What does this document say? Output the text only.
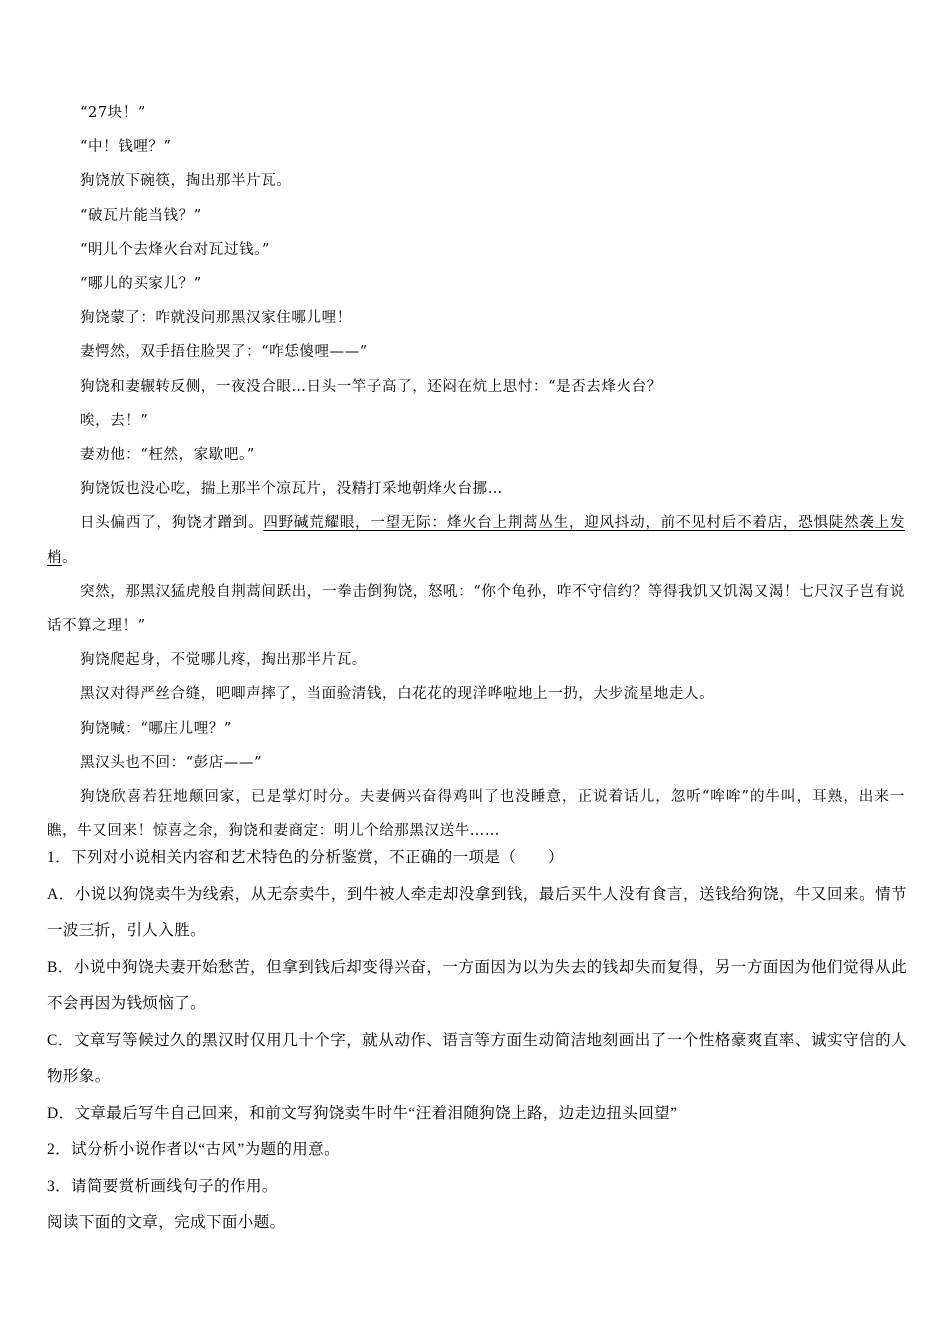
“27块！”

“中！钱哩？”

狗饶放下碗筷，掏出那半片瓦。

“破瓦片能当钱？”

“明儿个去烽火台对瓦过钱。”

“哪儿的买家儿？”

狗饶蒙了：咋就没问那黑汉家住哪儿哩！

妻愕然，双手捂住脸哭了：“咋恁傻哩——”

狗饶和妻辗转反侧，一夜没合眼…日头一竿子高了，还闷在炕上思忖：“是否去烽火台？

唉，去！”

妻劝他：“枉然，家歇吧。”

狗饶饭也没心吃，揣上那半个凉瓦片，没精打采地朝烽火台挪…

日头偏西了，狗饶才蹭到。四野碱荒耀眼，一望无际：烽火台上荆蒿丛生，迎风抖动，前不见村后不着店，恐惧陡然袭上发梢。

突然，那黑汉猛虎般自荆蒿间跃出，一拳击倒狗饶，怒吼：“你个龟孙，咋不守信约？等得我饥又饥渴又渴！七尺汉子岂有说话不算之理！”

狗饶爬起身，不觉哪儿疼，掏出那半片瓦。

黑汉对得严丝合缝，吧唧声摔了，当面验清钱，白花花的现洋哗啦地上一扔，大步流星地走人。

狗饶喊：“哪庄儿哩？”

黑汉头也不回：“彭店——”

狗饶欣喜若狂地颠回家，已是掌灯时分。夫妻俩兴奋得鸡叫了也没睡意，正说着话儿，忽听“哞哞”的牛叫，耳熟，出来一瞧，牛又回来！惊喜之余，狗饶和妻商定：明儿个给那黑汉送牛……

1．下列对小说相关内容和艺术特色的分析鉴赏，不正确的一项是（　　）

A．小说以狗饶卖牛为线索，从无奈卖牛，到牛被人牵走却没拿到钱，最后买牛人没有食言，送钱给狗饶，牛又回来。情节一波三折，引人入胜。

B．小说中狗饶夫妻开始愁苦，但拿到钱后却变得兴奋，一方面因为以为失去的钱却失而复得，另一方面因为他们觉得从此不会再因为钱烦恼了。

C．文章写等候过久的黑汉时仅用几十个字，就从动作、语言等方面生动简洁地刻画出了一个性格豪爽直率、诚实守信的人物形象。

D．文章最后写牛自己回来，和前文写狗饶卖牛时牛“汪着泪随狗饶上路，边走边扭头回望”

2．试分析小说作者以“古风”为题的用意。

3．请简要赏析画线句子的作用。

阅读下面的文章，完成下面小题。
